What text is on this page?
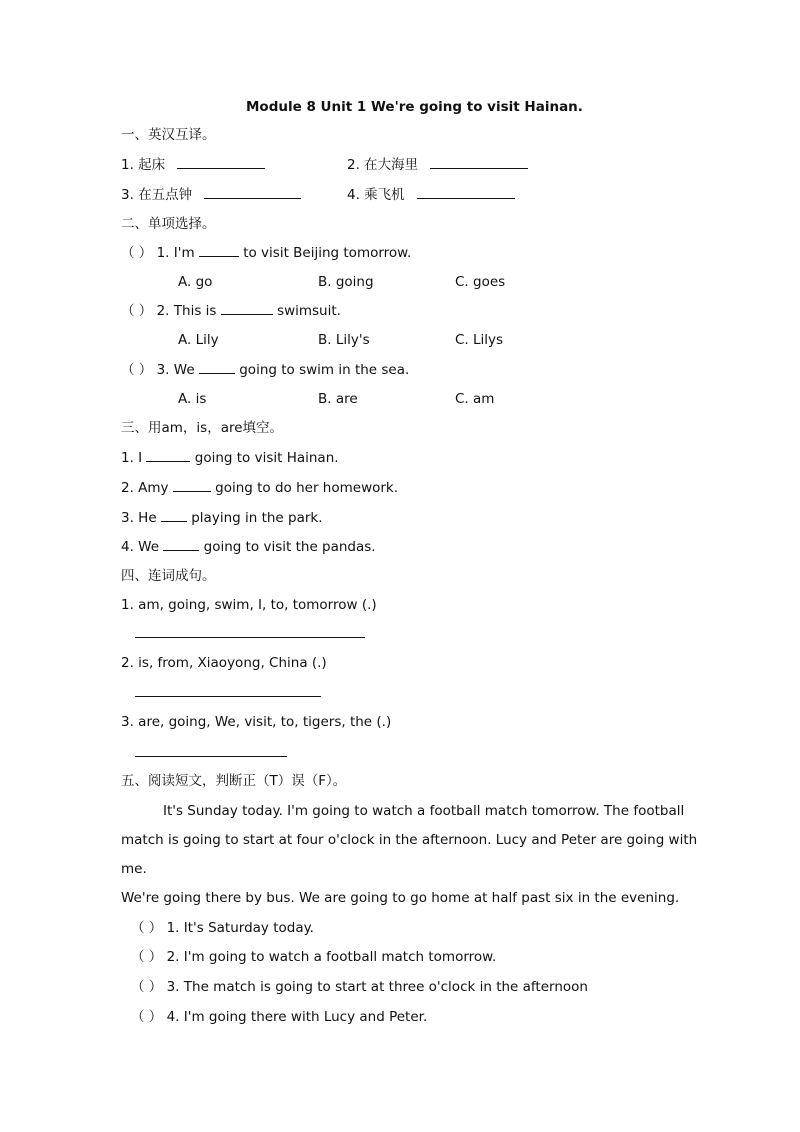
Module 8 Unit 1 We're going to visit Hainan.
一、英汉互译。
1. 起床	2. 在大海里
3. 在五点钟	4. 乘飞机
二、单项选择。
（ ） 1. I'm	to visit Beijing tomorrow.
A. go	B. going	C. goes
（ ） 2. This is	swimsuit.
A. Lily	B. Lily's	C. Lilys
（ ） 3. We	going to swim in the sea.
A. is	B. are	C. am
三、用am，is，are填空。
1. I	going to visit Hainan.
2. Amy	going to do her homework.
3. He	playing in the park.
4. We	going to visit the pandas.
四、连词成句。
1. am, going, swim, I, to, tomorrow (.)
2. is, from, Xiaoyong, China (.)
3. are, going, We, visit, to, tigers, the (.)
五、阅读短文，判断正（T）误（F）。
It's Sunday today. I'm going to watch a football match tomorrow. The football
match is going to start at four o'clock in the afternoon. Lucy and Peter are going with
me.
We're going there by bus. We are going to go home at half past six in the evening.
（ ） 1. It's Saturday today.
（ ） 2. I'm going to watch a football match tomorrow.
（ ） 3. The match is going to start at three o'clock in the afternoon
（ ） 4. I'm going there with Lucy and Peter.
